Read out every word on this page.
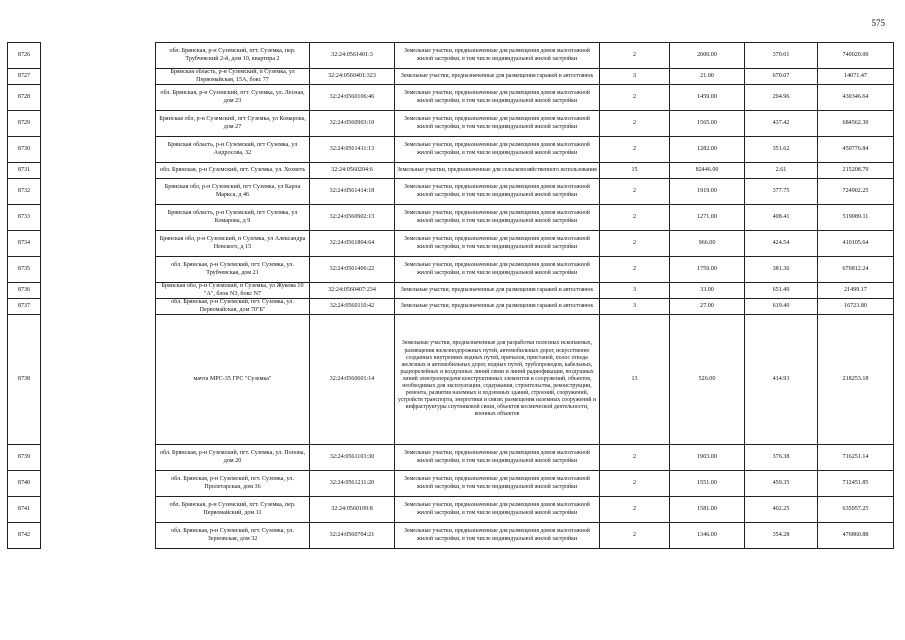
575
8726		обл. Брянская, р-н Суземский, пгт. Суземка, пер. Трубчевский 2-й, дом 10, квартира 2	32:24:0561401:3	Земельные участки, предназначенные для размещения домов малоэтажной жилой застройки, в том числе индивидуальной жилой застройки	2	2000.00	370.01	740020.00
8727		Брянская область, р-н Суземский, п Суземка, ул Первомайская, 15А, бокс 77	32:24:0560401:323	Земельные участки, предназначенные для размещения гаражей и автостоянок	3	21.00	670.07	14071.47
8728		обл. Брянская, р-н Суземский, пгт. Суземка, ул. Лесная, дом 23	32:24:0560106:46	Земельные участки, предназначенные для размещения домов малоэтажной жилой застройки, в том числе индивидуальной жилой застройки	2	1459.00	294.96	430346.64
8729		Брянская обл, р-н Суземский, пгт Суземка, ул Комарова, дом 27	32:24:0560903:10	Земельные участки, предназначенные для размещения домов малоэтажной жилой застройки, в том числе индивидуальной жилой застройки	2	1565.00	437.42	684562.30
8730		Брянская область, р-н Суземский, пгт Суземка, ул Андросова, 32	32:24:0561411:13	Земельные участки, предназначенные для размещения домов малоэтажной жилой застройки, в том числе индивидуальной жилой застройки	2	1282.00	351.62	450776.84
8731		обл. Брянская, р-н Суземский, пгт. Суземка, ул. Хохветь	32:24:0560204:6	Земельные участки, предназначенные для сельскохозяйственного использования	15	82446.00	2.61	215208.79
8732		Брянская обл, р-н Суземский, пгт Суземка, ул Карла Маркса, д 46	32:24:0561414:18	Земельные участки, предназначенные для размещения домов малоэтажной жилой застройки, в том числе индивидуальной жилой застройки	2	1919.00	377.75	724902.25
8733		Брянская область, р-н Суземский, пгт Суземка, ул Комарова, д 9	32:24:0560902:13	Земельные участки, предназначенные для размещения домов малоэтажной жилой застройки, в том числе индивидуальной жилой застройки	2	1271.00	408.41	519089.11
8734		Брянская обл, р-н Суземский, п Суземка, ул Александра Невского, д 15	32:24:0561804:64	Земельные участки, предназначенные для размещения домов малоэтажной жилой застройки, в том числе индивидуальной жилой застройки	2	966.00	424.54	410105.64
8735		обл. Брянская, р-н Суземский, пгт. Суземка, ул. Трубчевская, дом 21	32:24:0561406:22	Земельные участки, предназначенные для размещения домов малоэтажной жилой застройки, в том числе индивидуальной жилой застройки	2	1759.00	381.36	670812.24
8736		Брянская обл, р-н Суземский, п Суземка, ул Жукова 10 "А", блок N3, бокс N7	32:24:0560407:234	Земельные участки, предназначенные для размещения гаражей и автостоянок	3	33.00	651.49	21499.17
8737		обл. Брянская, р-н Суземский, пгт. Суземка, ул. Первомайская, дом 70"Б"	32:24:0560110:42	Земельные участки, предназначенные для размещения гаражей и автостоянок	3	27.00	619.40	16723.80
8738		мачта МРС-35 ГРС "Суземка"	32:24:0560601:14	Земельные участки, предназначенные для разработки полезных ископаемых, размещения железнодорожных путей, автомобильных дорог, искусственно созданных внутренних водных путей, причалов, пристаней, полос отвода железных и автомобильных дорог, водных путей, трубопроводов, кабельных, радиорелейных и воздушных линий связи и линий радиофикации, воздушных линий электропередачи конструктивных элементов и сооружений, объектов, необходимых для эксплуатации, содержания, строительства, реконструкции, ремонта, развития наземных и подземных зданий, строений, сооружений, устройств транспорта, энергетики и связи; размещения наземных сооружений и инфраструктуры спутниковой связи, объектов космической деятельности, военных объектов	13	526.00	414.93	218253.18
8739		обл. Брянская, р-н Суземский, пгт. Суземка, ул. Попова, дом 20	32:24:0561103:30	Земельные участки, предназначенные для размещения домов малоэтажной жилой застройки, в том числе индивидуальной жилой застройки	2	1903.00	376.38	716251.14
8740		обл. Брянская, р-н Суземский, пгт. Суземка, ул. Пролетарская, дом 36	32:24:0561211:20	Земельные участки, предназначенные для размещения домов малоэтажной жилой застройки, в том числе индивидуальной жилой застройки	2	1551.00	459.35	712451.85
8741		обл. Брянская, р-н Суземский, пгт. Суземка, пер. Первомайский, дом 11	32:24:0560109:8	Земельные участки, предназначенные для размещения домов малоэтажной жилой застройки, в том числе индивидуальной жилой застройки	2	1581.00	402.25	635957.25
8742		обл. Брянская, р-н Суземский, пгт. Суземка, ул. Зерновская, дом 32	32:24:0560704:21	Земельные участки, предназначенные для размещения домов малоэтажной жилой застройки, в том числе индивидуальной жилой застройки	2	1346.00	354.28	476860.88
